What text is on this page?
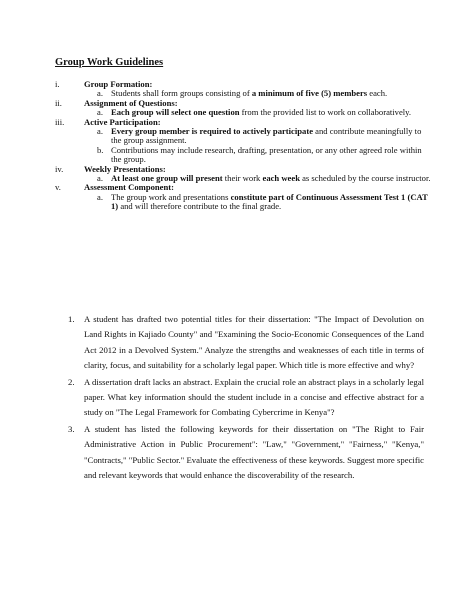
Group Work Guidelines
i.	Group Formation:
a. Students shall form groups consisting of a minimum of five (5) members each.

ii.	Assignment of Questions:
a. Each group will select one question from the provided list to work on collaboratively.

iii.	Active Participation:
a. Every group member is required to actively participate and contribute meaningfully to the group assignment.

b. Contributions may include research, drafting, presentation, or any other agreed role within the group.

iv.	Weekly Presentations:
a. At least one group will present their work each week as scheduled by the course instructor.

v.	Assessment Component:
a. The group work and presentations constitute part of Continuous Assessment Test 1 (CAT 1) and will therefore contribute to the final grade.

1.	A student has drafted two potential titles for their dissertation: "The Impact of Devolution on Land Rights in Kajiado County" and "Examining the Socio-Economic Consequences of the Land Act 2012 in a Devolved System." Analyze the strengths and weaknesses of each title in terms of clarity, focus, and suitability for a scholarly legal paper. Which title is more effective and why?
2.	A dissertation draft lacks an abstract. Explain the crucial role an abstract plays in a scholarly legal paper. What key information should the student include in a concise and effective abstract for a study on "The Legal Framework for Combating Cybercrime in Kenya"?
3.	A student has listed the following keywords for their dissertation on "The Right to Fair Administrative Action in Public Procurement": "Law," "Government," "Fairness," "Kenya," "Contracts," "Public Sector." Evaluate the effectiveness of these keywords. Suggest more specific and relevant keywords that would enhance the discoverability of the research.
